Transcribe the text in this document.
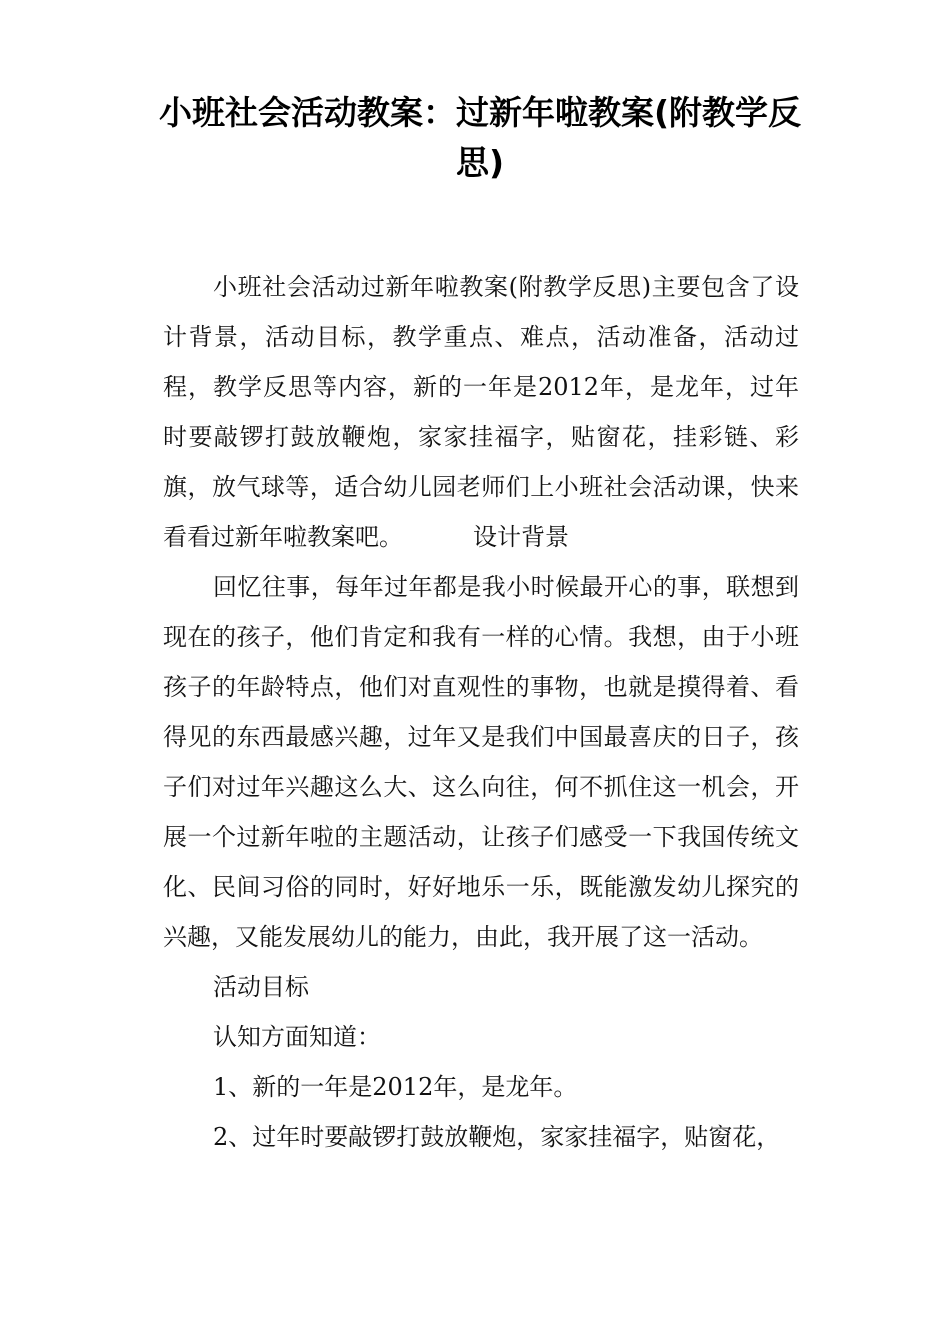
小班社会活动教案：过新年啦教案(附教学反思)

小班社会活动过新年啦教案(附教学反思)主要包含了设计背景，活动目标，教学重点、难点，活动准备，活动过程，教学反思等内容，新的一年是2012年，是龙年，过年时要敲锣打鼓放鞭炮，家家挂福字，贴窗花，挂彩链、彩旗，放气球等，适合幼儿园老师们上小班社会活动课，快来看看过新年啦教案吧。	设计背景

回忆往事，每年过年都是我小时候最开心的事，联想到现在的孩子，他们肯定和我有一样的心情。我想，由于小班孩子的年龄特点，他们对直观性的事物，也就是摸得着、看得见的东西最感兴趣，过年又是我们中国最喜庆的日子，孩子们对过年兴趣这么大、这么向往，何不抓住这一机会，开展一个过新年啦的主题活动，让孩子们感受一下我国传统文化、民间习俗的同时，好好地乐一乐，既能激发幼儿探究的兴趣，又能发展幼儿的能力，由此，我开展了这一活动。

活动目标

认知方面知道：

1、新的一年是2012年，是龙年。

2、过年时要敲锣打鼓放鞭炮，家家挂福字，贴窗花，
